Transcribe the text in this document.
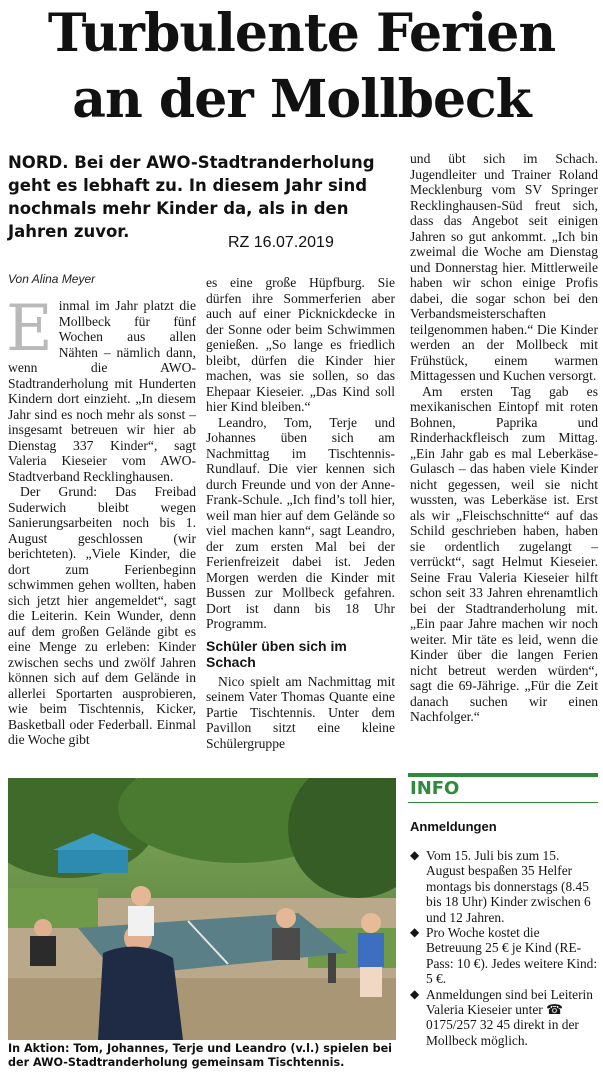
Turbulente Ferien
an der Mollbeck
NORD. Bei der AWO-Stadtranderholung geht es lebhaft zu. In diesem Jahr sind nochmals mehr Kinder da, als in den Jahren zuvor.
RZ 16.07.2019
Von Alina Meyer
E inmal im Jahr platzt die Mollbeck für fünf Wochen aus allen Nähten – nämlich dann, wenn die AWO-Stadtranderholung mit Hunderten Kindern dort einzieht. „In diesem Jahr sind es noch mehr als sonst – insgesamt betreuen wir hier ab Dienstag 337 Kinder“, sagt Valeria Kieseier vom AWO-Stadtverband Recklinghausen.

Der Grund: Das Freibad Suderwich bleibt wegen Sanierungsarbeiten noch bis 1. August geschlossen (wir berichteten). „Viele Kinder, die dort zum Ferienbeginn schwimmen gehen wollten, haben sich jetzt hier angemeldet“, sagt die Leiterin. Kein Wunder, denn auf dem großen Gelände gibt es eine Menge zu erleben: Kinder zwischen sechs und zwölf Jahren können sich auf dem Gelände in allerlei Sportarten ausprobieren, wie beim Tischtennis, Kicker, Basketball oder Federball. Einmal die Woche gibt

es eine große Hüpfburg. Sie dürfen ihre Sommerferien aber auch auf einer Picknickdecke in der Sonne oder beim Schwimmen genießen. „So lange es friedlich bleibt, dürfen die Kinder hier machen, was sie sollen, so das Ehepaar Kieseier. „Das Kind soll hier Kind bleiben.“

Leandro, Tom, Terje und Johannes üben sich am Nachmittag im Tischtennis-Rundlauf. Die vier kennen sich durch Freunde und von der Anne-Frank-Schule. „Ich find’s toll hier, weil man hier auf dem Gelände so viel machen kann“, sagt Leandro, der zum ersten Mal bei der Ferienfreizeit dabei ist. Jeden Morgen werden die Kinder mit Bussen zur Mollbeck gefahren. Dort ist dann bis 18 Uhr Programm.

Schüler üben sich im Schach

Nico spielt am Nachmittag mit seinem Vater Thomas Quante eine Partie Tischtennis. Unter dem Pavillon sitzt eine kleine Schülergruppe

und übt sich im Schach. Jugendleiter und Trainer Roland Mecklenburg vom SV Springer Recklinghausen-Süd freut sich, dass das Angebot seit einigen Jahren so gut ankommt. „Ich bin zweimal die Woche am Dienstag und Donnerstag hier. Mittlerweile haben wir schon einige Profis dabei, die sogar schon bei den Verbandsmeisterschaften teilgenommen haben.“ Die Kinder werden an der Mollbeck mit Frühstück, einem warmen Mittagessen und Kuchen versorgt.

Am ersten Tag gab es mexikanischen Eintopf mit roten Bohnen, Paprika und Rinderhackfleisch zum Mittag. „Ein Jahr gab es mal Leberkäse-Gulasch – das haben viele Kinder nicht gegessen, weil sie nicht wussten, was Leberkäse ist. Erst als wir „Fleischschnitte“ auf das Schild geschrieben haben, haben sie ordentlich zugelangt – verrückt“, sagt Helmut Kieseier. Seine Frau Valeria Kieseier hilft schon seit 33 Jahren ehrenamtlich bei der Stadtranderholung mit. „Ein paar Jahre machen wir noch weiter. Mir täte es leid, wenn die Kinder über die langen Ferien nicht betreut werden würden“, sagt die 69-Jährige. „Für die Zeit danach suchen wir einen Nachfolger.“

In Aktion: Tom, Johannes, Terje und Leandro (v.l.) spielen bei der AWO-Stadtranderholung gemeinsam Tischtennis.
INFO
Anmeldungen
◆ Vom 15. Juli bis zum 15. August bespaßen 35 Helfer montags bis donnerstags (8.45 bis 18 Uhr) Kinder zwischen 6 und 12 Jahren.
◆ Pro Woche kostet die Betreuung 25 € je Kind (RE-Pass: 10 €). Jedes weitere Kind: 5 €.
◆ Anmeldungen sind bei Leiterin Valeria Kieseier unter ☎ 0175/257 32 45 direkt in der Mollbeck möglich.
